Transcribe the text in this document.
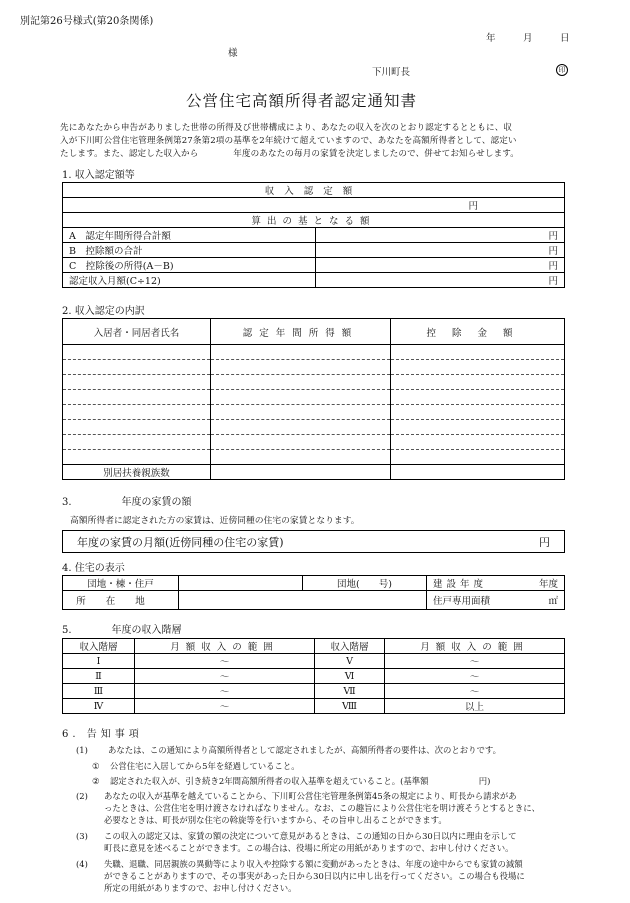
別記第26号様式(第20条関係)
年	月	日
様
下川町長	印
公営住宅高額所得者認定通知書
先にあなたから申告がありました世帯の所得及び世帯構成により、あなたの収入を次のとおり認定するとともに、収
入が下川町公営住宅管理条例第27条第2項の基準を2年続けて超えていますので、あなたを高額所得者として、認定い
たします。また、認定した収入から　　　　年度のあなたの毎月の家賃を決定しましたので、併せてお知らせします。
1. 収入認定額等
収入認定額	
円	
算出の基となる額	
A　認定年間所得合計額	円
B　控除額の合計	円
C　控除後の所得(A－B)	円
認定収入月額(C÷12)	円
2. 収入認定の内訳
入居者・同居者氏名	認定年間所得額	控除金額

別居扶養親族数		
3.　　　　　年度の家賃の額
高額所得者に認定された方の家賃は、近傍同種の住宅の家賃となります。
年度の家賃の月額(近傍同種の住宅の家賃)	円
4. 住宅の表示
団地・棟・住戸		団地(　　号)	建設年度 年度

所在地			住戸専用面積 ㎡
5.　　　　年度の収入階層
収入階層	月額収入の範囲	収入階層	月額収入の範囲
Ⅰ	～	Ⅴ	～
Ⅱ	～	Ⅵ	～
Ⅲ	～	Ⅶ	～
Ⅳ	～	Ⅷ	以上
6. 告知事項
(1) あなたは、この通知により高額所得者として認定されましたが、高額所得者の要件は、次のとおりです。
① 公営住宅に入居してから5年を経過していること。
② 認定された収入が、引き続き2年間高額所得者の収入基準を超えていること。(基準額　　　　　　円)
(2) あなたの収入が基準を越えていることから、下川町公営住宅管理条例第45条の規定により、町長から請求があ
ったときは、公営住宅を明け渡さなければなりません。なお、この趣旨により公営住宅を明け渡そうとするときに、
必要なときは、町長が別な住宅の斡旋等を行いますから、その旨申し出ることができます。
(3) この収入の認定又は、家賃の額の決定について意見があるときは、この通知の日から30日以内に理由を示して
町長に意見を述べることができます。この場合は、役場に所定の用紙がありますので、お申し付けください。
(4) 失職、退職、同居親族の異動等により収入や控除する額に変動があったときは、年度の途中からでも家賃の減額
ができることがありますので、その事実があった日から30日以内に申し出を行ってください。この場合も役場に
所定の用紙がありますので、お申し付けください。
